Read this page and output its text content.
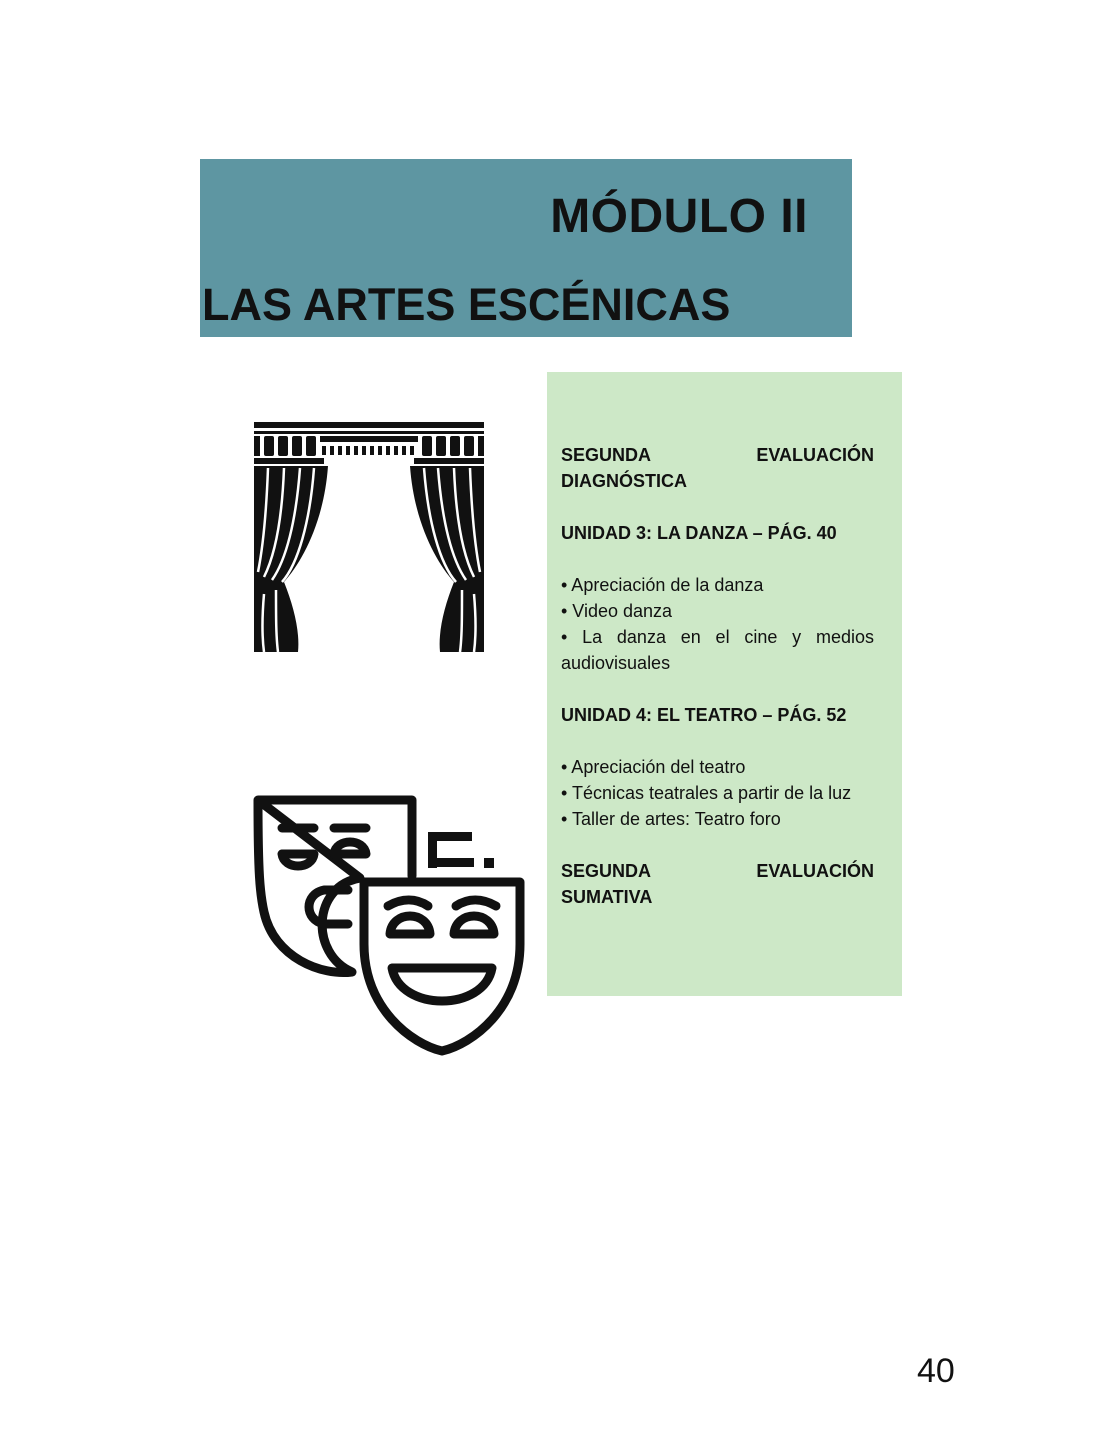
MÓDULO II
LAS ARTES ESCÉNICAS

SEGUNDA	EVALUACIÓN

DIAGNÓSTICA

UNIDAD 3: LA DANZA – PÁG. 40

• Apreciación de la danza

• Video danza

• La danza en el cine y medios audiovisuales

UNIDAD 4: EL TEATRO – PÁG. 52

• Apreciación del teatro

• Técnicas teatrales a partir de la luz

• Taller de artes: Teatro foro

SEGUNDA	EVALUACIÓN

SUMATIVA

40
